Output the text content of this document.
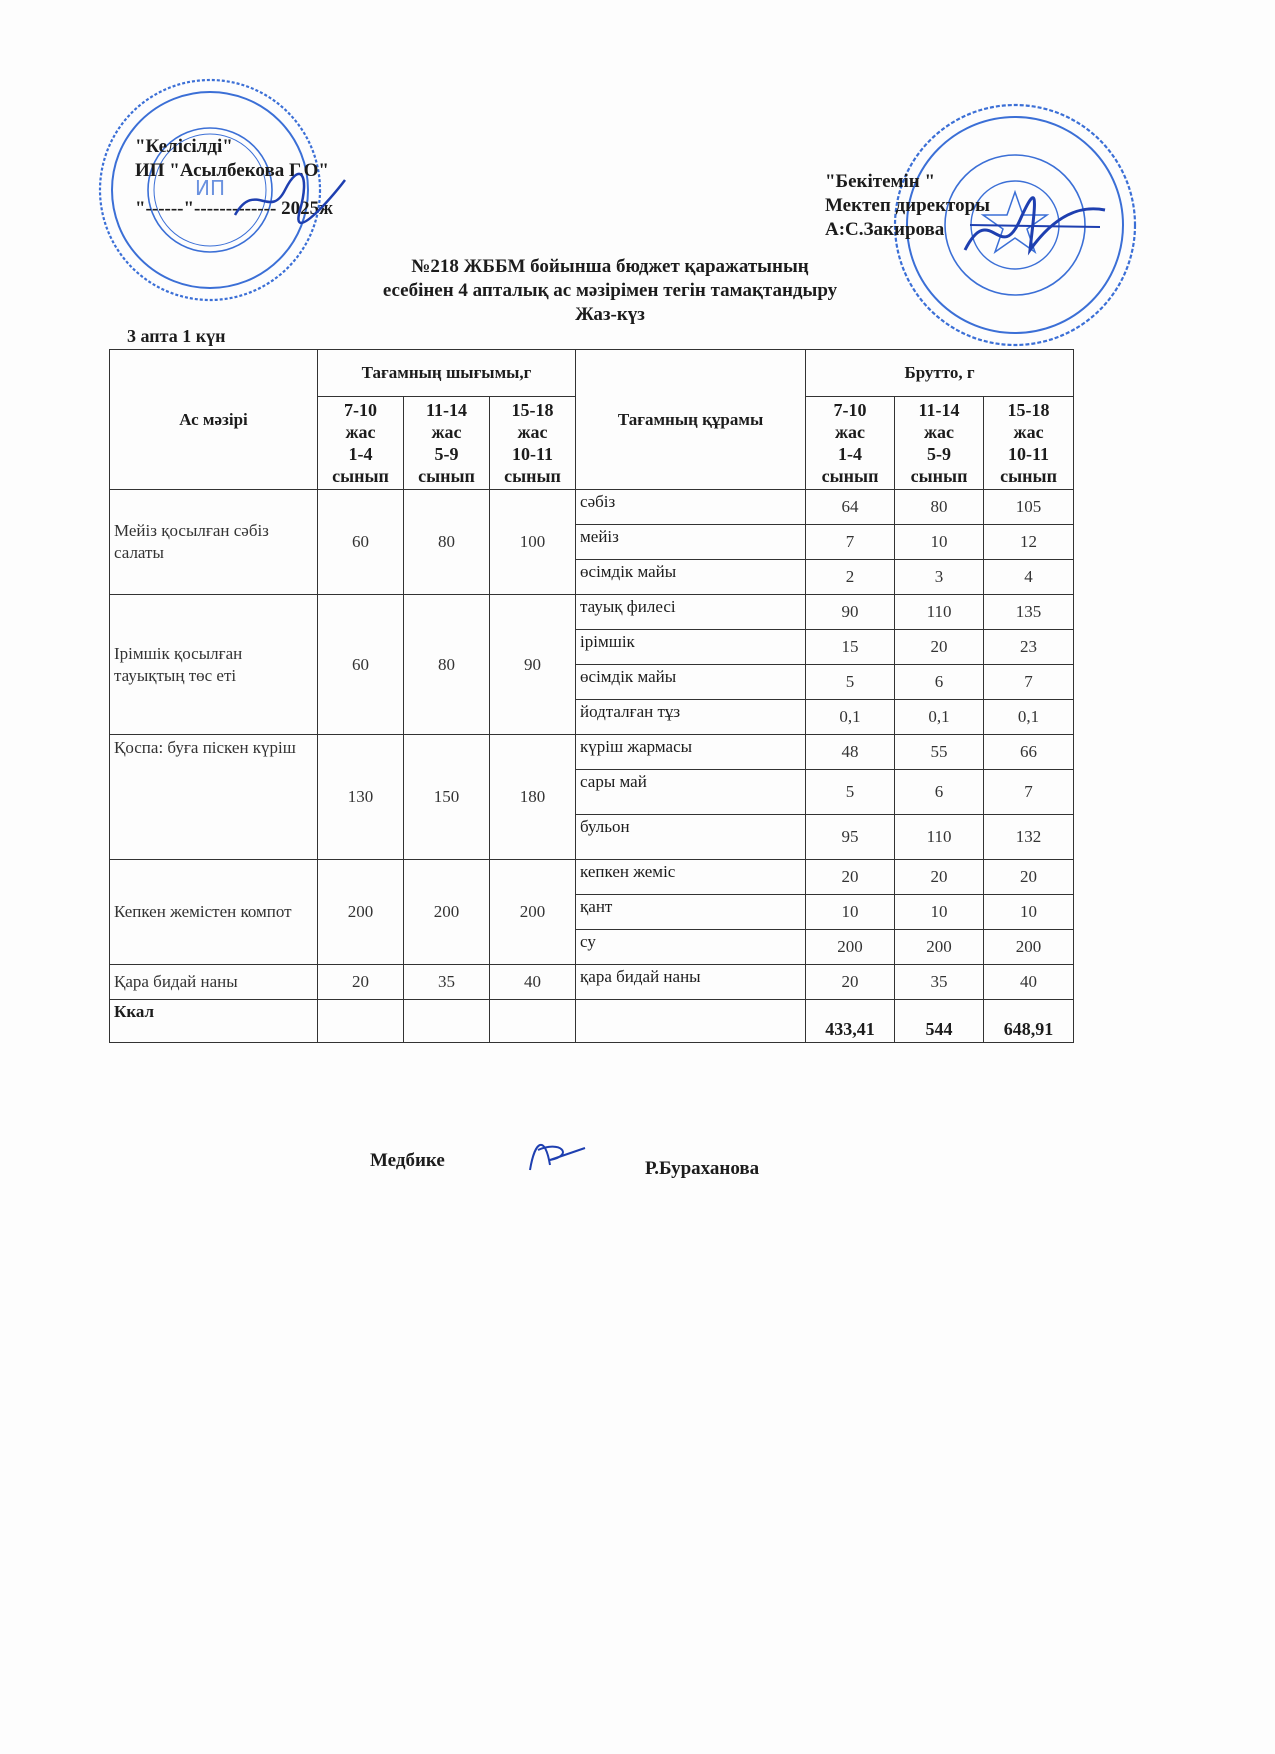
ИП
"Келісілді"
ИП "Асылбекова Г.О"
"------"------------- 2025ж
"Бекітемін "
Мектеп директоры
А:С.Закирова
№218 ЖББМ бойынша бюджет қаражатының
есебінен 4 апталық ас мәзірімен тегін тамақтандыру
Жаз-күз
3 апта 1 күн
Ас мәзірі	Тағамның шығымы,г			Тағамның құрамы	Брутто, г		
	7-10
жас
1-4
сынып	11-14
жас
5-9
сынып	15-18
жас
10-11
сынып		7-10
жас
1-4
сынып	11-14
жас
5-9
сынып	15-18
жас
10-11
сынып
Мейіз қосылған сәбіз салаты	60	80	100	сәбіз	64	80	105
				мейіз	7	10	12
				өсімдік майы	2	3	4
Ірімшік қосылған тауықтың төс еті	60	80	90	тауық филесі	90	110	135
				ірімшік	15	20	23
				өсімдік майы	5	6	7
				йодталған тұз	0,1	0,1	0,1
Қоспа: буға піскен күріш	130	150	180	күріш жармасы	48	55	66
				сары май	5	6	7
				бульон	95	110	132
Кепкен жемістен компот	200	200	200	кепкен жеміс	20	20	20
				қант	10	10	10
				су	200	200	200
Қара бидай наны	20	35	40	қара бидай наны	20	35	40
Ккал					433,41	544	648,91
Медбике	Р.Бураханова
